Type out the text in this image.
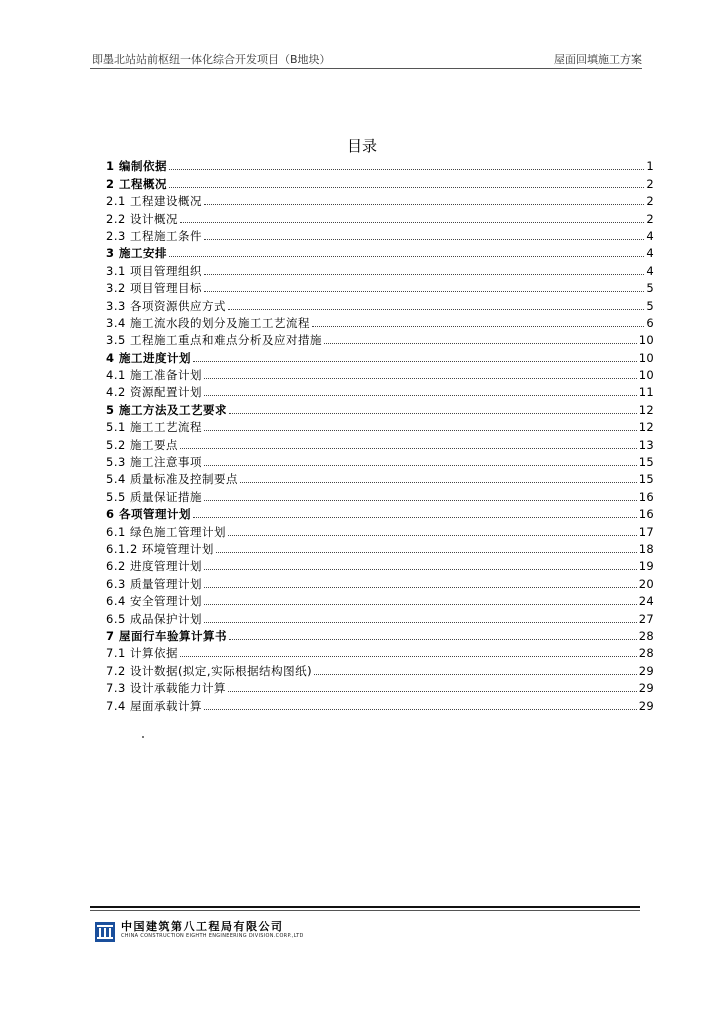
即墨北站站前枢纽一体化综合开发项目（B地块）	屋面回填施工方案
目录
1 编制依据	1
2 工程概况	2
2.1 工程建设概况	2
2.2 设计概况	2
2.3 工程施工条件	4
3 施工安排	4
3.1 项目管理组织	4
3.2 项目管理目标	5
3.3 各项资源供应方式	5
3.4 施工流水段的划分及施工工艺流程	6
3.5 工程施工重点和难点分析及应对措施	10
4 施工进度计划	10
4.1 施工准备计划	10
4.2 资源配置计划	11
5 施工方法及工艺要求	12
5.1 施工工艺流程	12
5.2 施工要点	13
5.3 施工注意事项	15
5.4 质量标准及控制要点	15
5.5 质量保证措施	16
6 各项管理计划	16
6.1 绿色施工管理计划	17
6.1.2 环境管理计划	18
6.2 进度管理计划	19
6.3 质量管理计划	20
6.4 安全管理计划	24
6.5 成品保护计划	27
7 屋面行车验算计算书	28
7.1 计算依据	28
7.2 设计数据(拟定,实际根据结构图纸)	29
7.3 设计承载能力计算	29
7.4 屋面承载计算	29
中国建筑第八工程局有限公司
CHINA CONSTRUCTION EIGHTH ENGINEERING DIVISION.CORP.,LTD
